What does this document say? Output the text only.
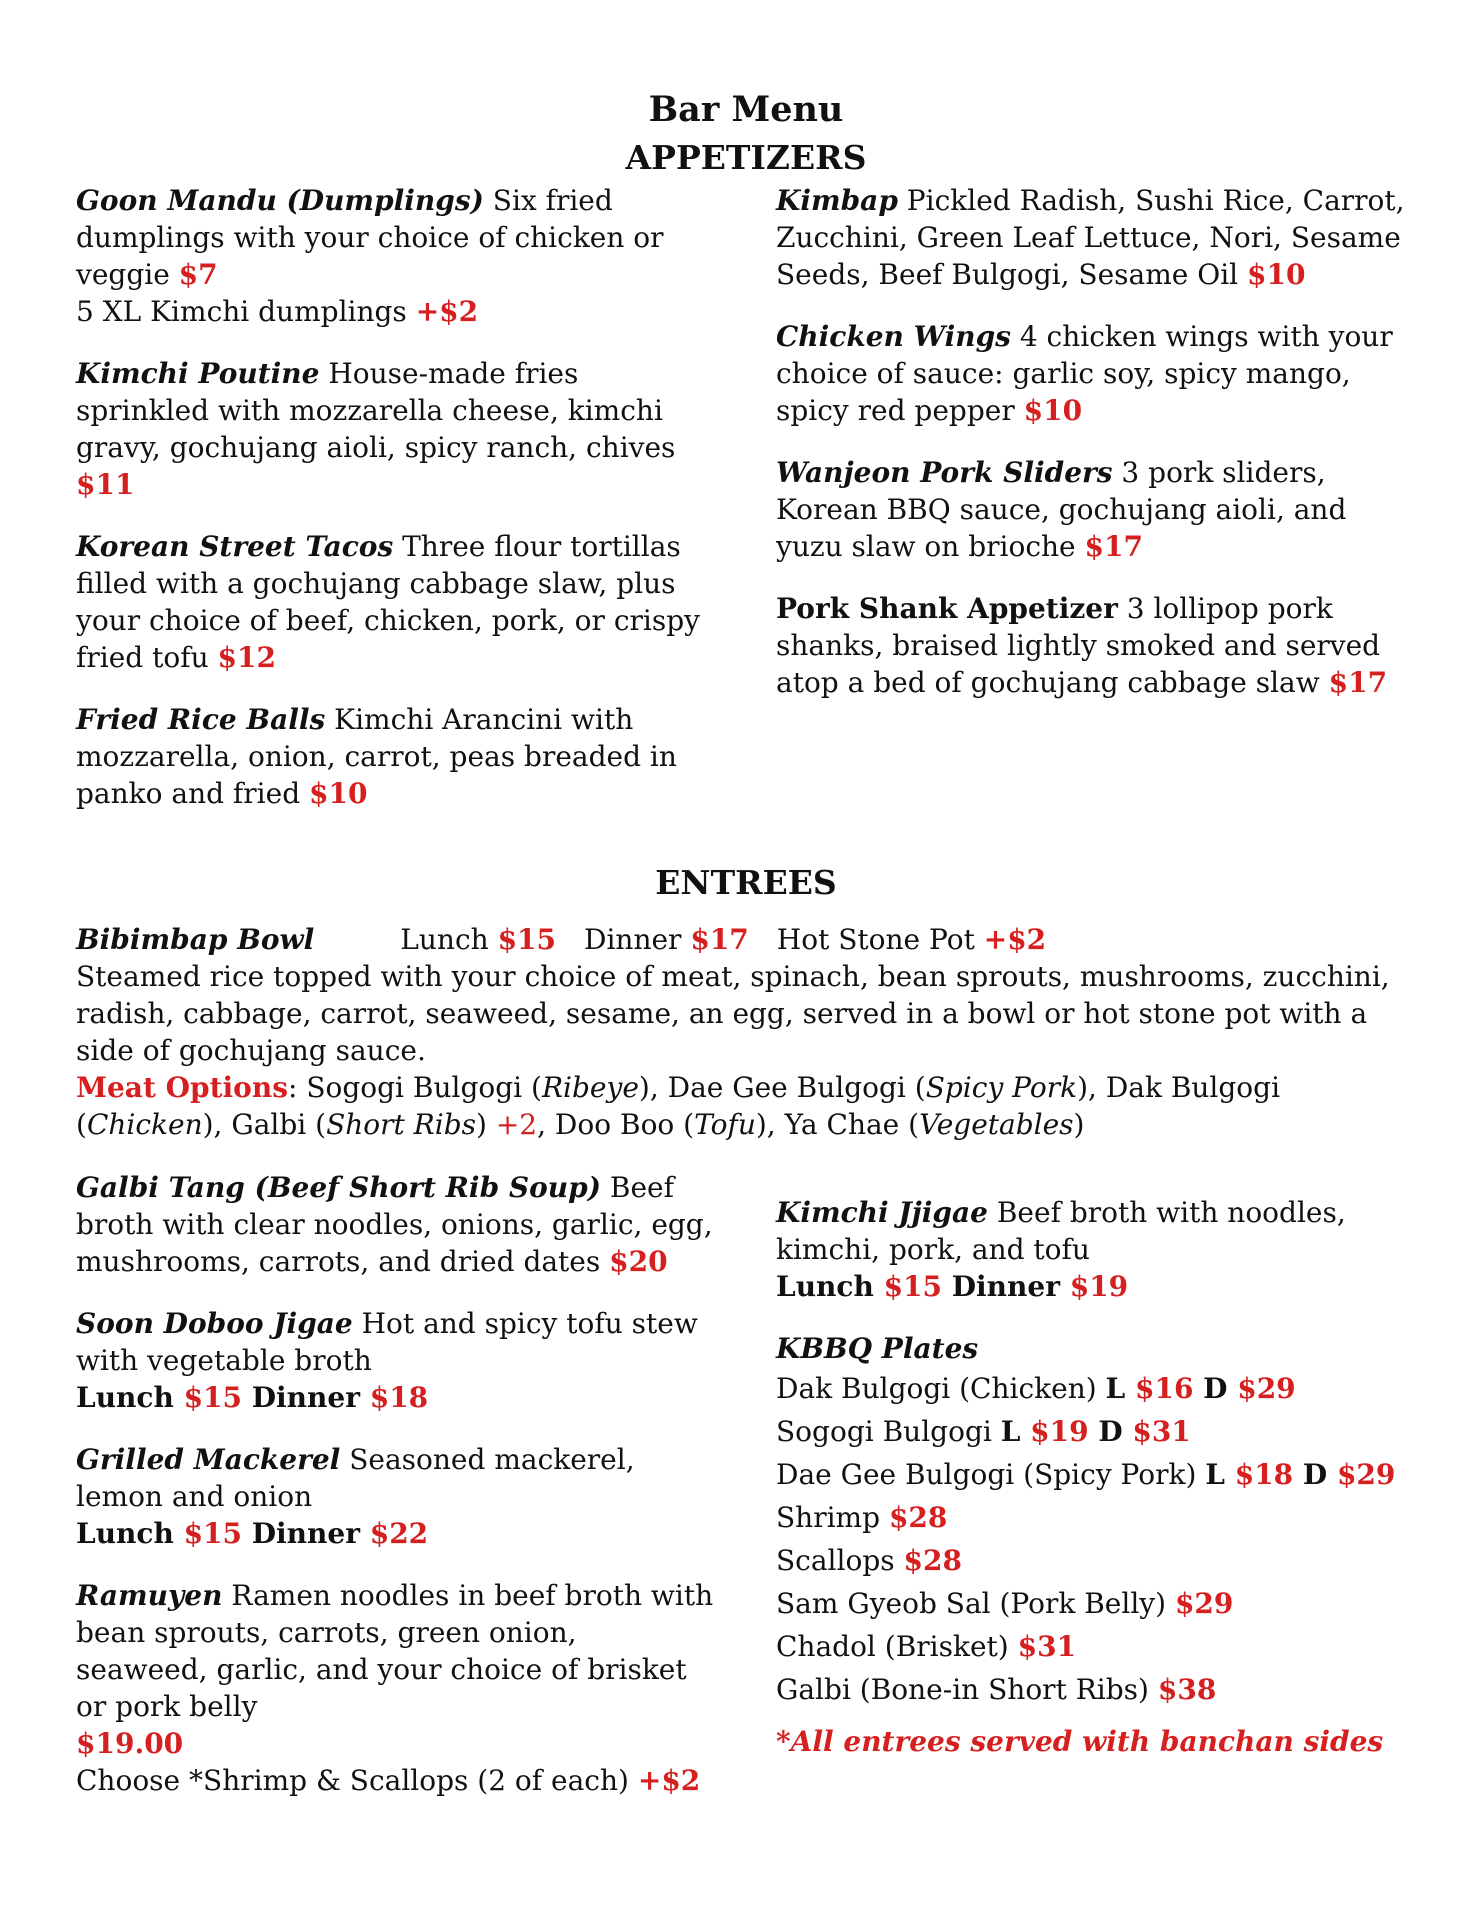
Bar Menu
APPETIZERS

Goon Mandu (Dumplings) Six fried dumplings with your choice of chicken or veggie $7
5 XL Kimchi dumplings +$2

Kimchi Poutine House-made fries sprinkled with mozzarella cheese, kimchi gravy, gochujang aioli, spicy ranch, chives $11

Korean Street Tacos Three flour tortillas filled with a gochujang cabbage slaw, plus your choice of beef, chicken, pork, or crispy fried tofu $12

Fried Rice Balls Kimchi Arancini with mozzarella, onion, carrot, peas breaded in panko and fried $10

Kimbap Pickled Radish, Sushi Rice, Carrot, Zucchini, Green Leaf Lettuce, Nori, Sesame Seeds, Beef Bulgogi, Sesame Oil $10

Chicken Wings 4 chicken wings with your choice of sauce: garlic soy, spicy mango, spicy red pepper $10

Wanjeon Pork Sliders 3 pork sliders, Korean BBQ sauce, gochujang aioli, and yuzu slaw on brioche $17

Pork Shank Appetizer 3 lollipop pork shanks, braised lightly smoked and served atop a bed of gochujang cabbage slaw $17

ENTREES

Bibimbap Bowl	Lunch $15 Dinner $17 Hot Stone Pot +$2

Steamed rice topped with your choice of meat, spinach, bean sprouts, mushrooms, zucchini, radish, cabbage, carrot, seaweed, sesame, an egg, served in a bowl or hot stone pot with a side of gochujang sauce.

Meat Options: Sogogi Bulgogi (Ribeye), Dae Gee Bulgogi (Spicy Pork), Dak Bulgogi (Chicken), Galbi (Short Ribs) +2, Doo Boo (Tofu), Ya Chae (Vegetables)

Galbi Tang (Beef Short Rib Soup) Beef broth with clear noodles, onions, garlic, egg, mushrooms, carrots, and dried dates $20

Soon Doboo Jigae Hot and spicy tofu stew with vegetable broth
Lunch $15 Dinner $18

Grilled Mackerel Seasoned mackerel, lemon and onion
Lunch $15 Dinner $22

Ramuyen Ramen noodles in beef broth with bean sprouts, carrots, green onion, seaweed, garlic, and your choice of brisket or pork belly
$19.00
Choose *Shrimp & Scallops (2 of each) +$2

Kimchi Jjigae Beef broth with noodles, kimchi, pork, and tofu
Lunch $15 Dinner $19

KBBQ Plates
Dak Bulgogi (Chicken) L $16 D $29
Sogogi Bulgogi L $19 D $31
Dae Gee Bulgogi (Spicy Pork) L $18 D $29
Shrimp $28
Scallops $28
Sam Gyeob Sal (Pork Belly) $29
Chadol (Brisket) $31
Galbi (Bone-in Short Ribs) $38
*All entrees served with banchan sides
